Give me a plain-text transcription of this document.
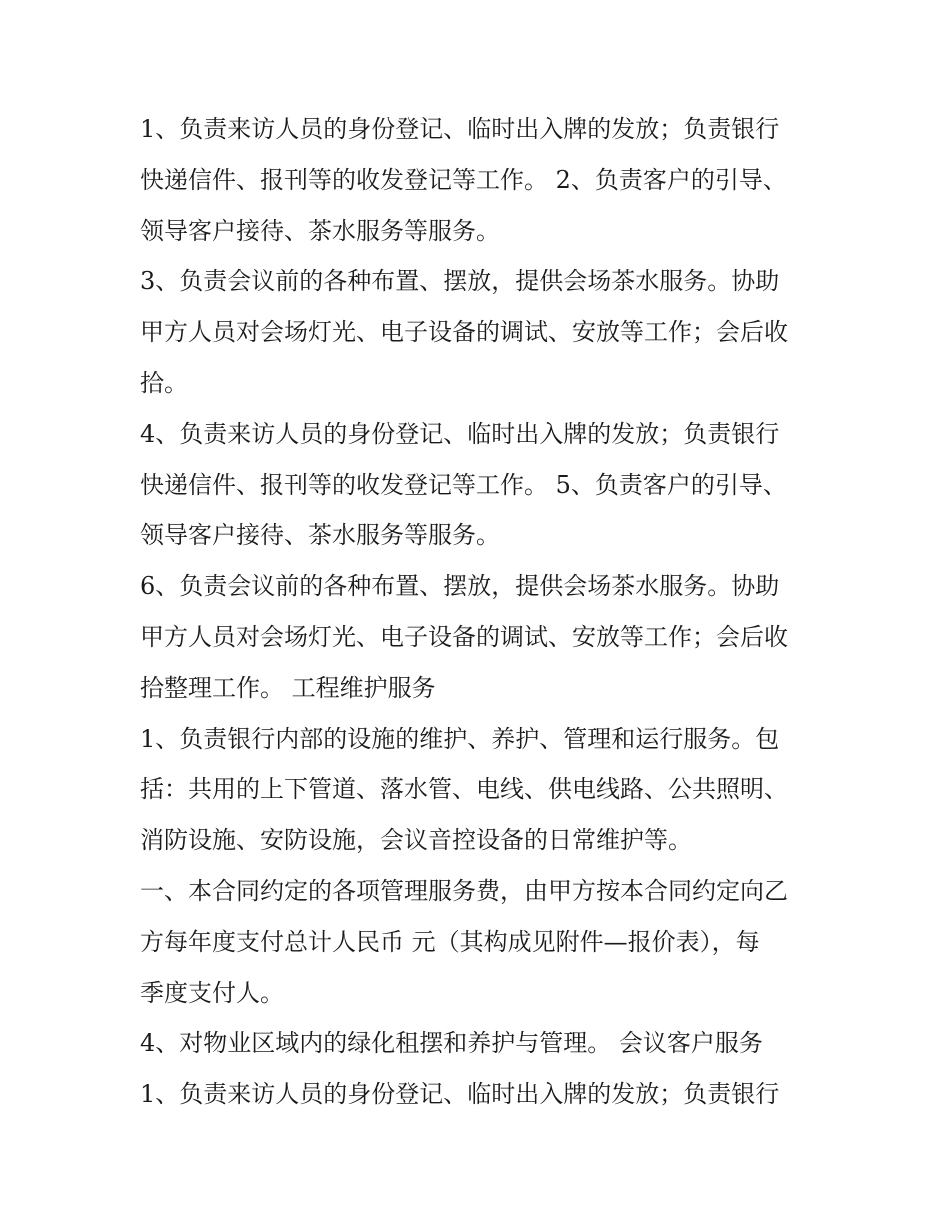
1、负责来访人员的身份登记、临时出入牌的发放；负责银行
快递信件、报刊等的收发登记等工作。 2、负责客户的引导、
领导客户接待、茶水服务等服务。
3、负责会议前的各种布置、摆放，提供会场茶水服务。协助
甲方人员对会场灯光、电子设备的调试、安放等工作；会后收
拾。
4、负责来访人员的身份登记、临时出入牌的发放；负责银行
快递信件、报刊等的收发登记等工作。 5、负责客户的引导、
领导客户接待、茶水服务等服务。
6、负责会议前的各种布置、摆放，提供会场茶水服务。协助
甲方人员对会场灯光、电子设备的调试、安放等工作；会后收
拾整理工作。 工程维护服务
1、负责银行内部的设施的维护、养护、管理和运行服务。包
括：共用的上下管道、落水管、电线、供电线路、公共照明、
消防设施、安防设施，会议音控设备的日常维护等。
一、本合同约定的各项管理服务费，由甲方按本合同约定向乙
方每年度支付总计人民币 元（其构成见附件—报价表），每
季度支付人。
4、对物业区域内的绿化租摆和养护与管理。 会议客户服务
1、负责来访人员的身份登记、临时出入牌的发放；负责银行
